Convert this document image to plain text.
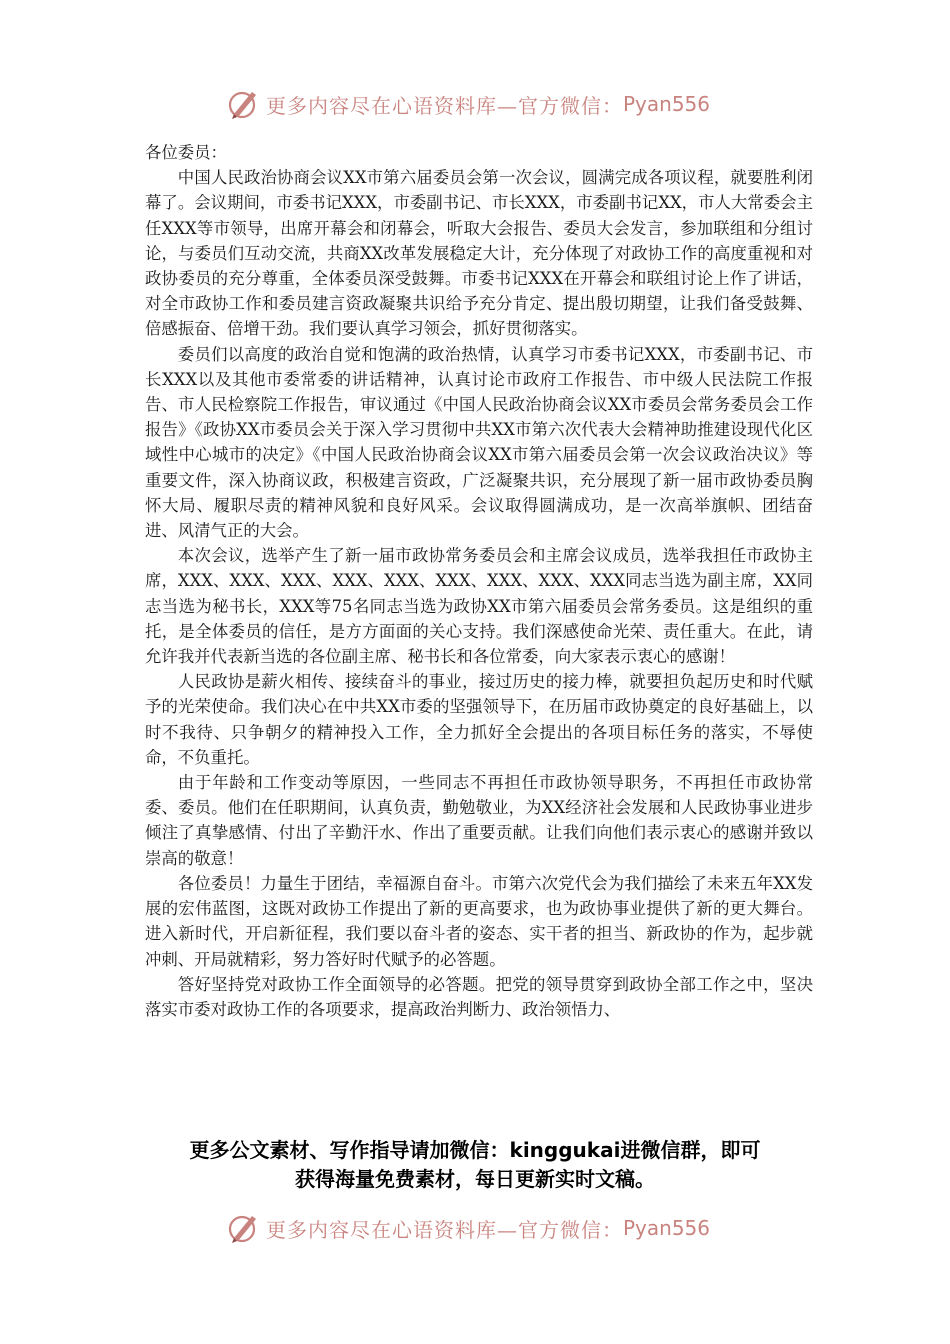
更多内容尽在心语资料库—官方微信： Pyan556

各位委员：

中国人民政治协商会议XX市第六届委员会第一次会议，圆满完成各项议程，就要胜利闭幕了。会议期间，市委书记XXX，市委副书记、市长XXX，市委副书记XX，市人大常委会主任XXX等市领导，出席开幕会和闭幕会，听取大会报告、委员大会发言，参加联组和分组讨论，与委员们互动交流，共商XX改革发展稳定大计，充分体现了对政协工作的高度重视和对政协委员的充分尊重，全体委员深受鼓舞。市委书记XXX在开幕会和联组讨论上作了讲话，对全市政协工作和委员建言资政凝聚共识给予充分肯定、提出殷切期望，让我们备受鼓舞、倍感振奋、倍增干劲。我们要认真学习领会，抓好贯彻落实。

委员们以高度的政治自觉和饱满的政治热情，认真学习市委书记XXX，市委副书记、市长XXX以及其他市委常委的讲话精神，认真讨论市政府工作报告、市中级人民法院工作报告、市人民检察院工作报告，审议通过《中国人民政治协商会议XX市委员会常务委员会工作报告》《政协XX市委员会关于深入学习贯彻中共XX市第六次代表大会精神助推建设现代化区域性中心城市的决定》《中国人民政治协商会议XX市第六届委员会第一次会议政治决议》等重要文件，深入协商议政，积极建言资政，广泛凝聚共识，充分展现了新一届市政协委员胸怀大局、履职尽责的精神风貌和良好风采。会议取得圆满成功，是一次高举旗帜、团结奋进、风清气正的大会。

本次会议，选举产生了新一届市政协常务委员会和主席会议成员，选举我担任市政协主席，XXX、XXX、XXX、XXX、XXX、XXX、XXX、XXX、XXX同志当选为副主席，XX同志当选为秘书长，XXX等75名同志当选为政协XX市第六届委员会常务委员。这是组织的重托，是全体委员的信任，是方方面面的关心支持。我们深感使命光荣、责任重大。在此，请允许我并代表新当选的各位副主席、秘书长和各位常委，向大家表示衷心的感谢！

人民政协是薪火相传、接续奋斗的事业，接过历史的接力棒，就要担负起历史和时代赋予的光荣使命。我们决心在中共XX市委的坚强领导下，在历届市政协奠定的良好基础上，以时不我待、只争朝夕的精神投入工作，全力抓好全会提出的各项目标任务的落实，不辱使命，不负重托。

由于年龄和工作变动等原因，一些同志不再担任市政协领导职务，不再担任市政协常委、委员。他们在任职期间，认真负责，勤勉敬业，为XX经济社会发展和人民政协事业进步倾注了真挚感情、付出了辛勤汗水、作出了重要贡献。让我们向他们表示衷心的感谢并致以崇高的敬意！

各位委员！力量生于团结，幸福源自奋斗。市第六次党代会为我们描绘了未来五年XX发展的宏伟蓝图，这既对政协工作提出了新的更高要求，也为政协事业提供了新的更大舞台。进入新时代，开启新征程，我们要以奋斗者的姿态、实干者的担当、新政协的作为，起步就冲刺、开局就精彩，努力答好时代赋予的必答题。

答好坚持党对政协工作全面领导的必答题。把党的领导贯穿到政协全部工作之中，坚决落实市委对政协工作的各项要求，提高政治判断力、政治领悟力、

更多公文素材、写作指导请加微信：kinggukai进微信群，即可

获得海量免费素材，每日更新实时文稿。

更多内容尽在心语资料库—官方微信： Pyan556
